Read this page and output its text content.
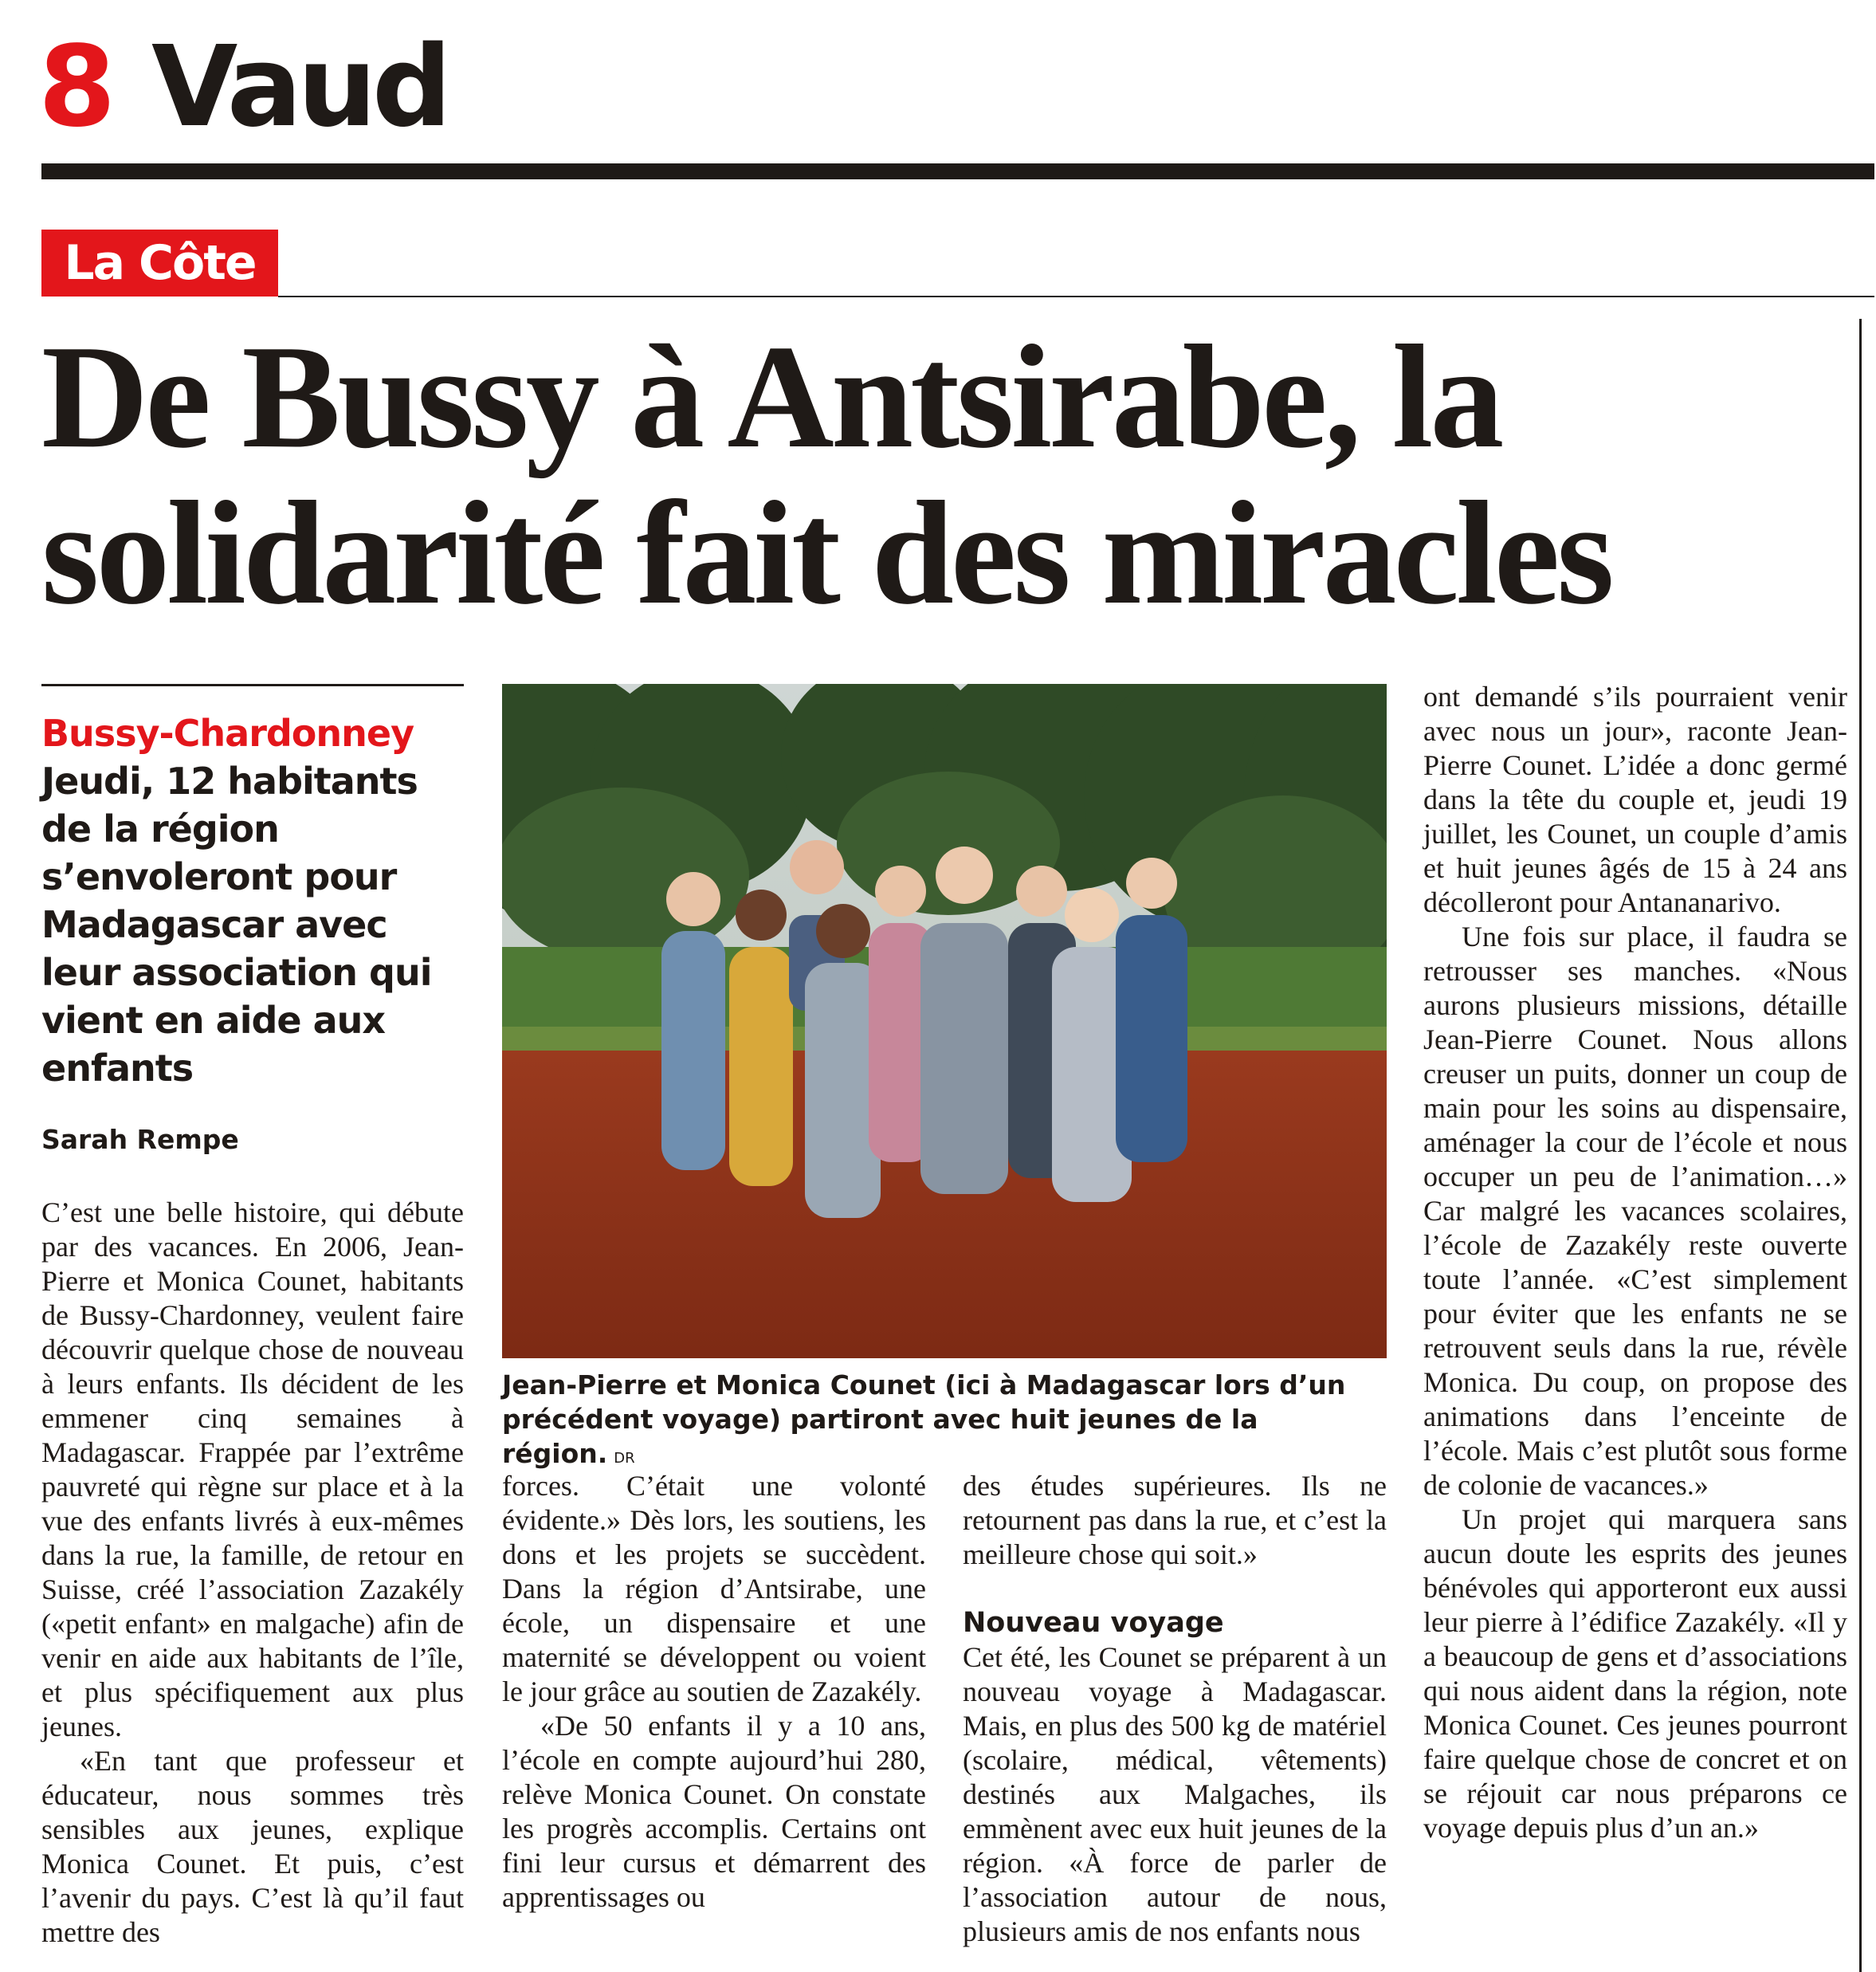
8 Vaud
La Côte
De Bussy à Antsirabe, la solidarité fait des miracles
Bussy-Chardonney

Jeudi, 12 habitants de la région s’envoleront pour Madagascar avec leur association qui vient en aide aux enfants

Sarah Rempe

C’est une belle histoire, qui débute par des vacances. En 2006, Jean-Pierre et Monica Counet, habitants de Bussy-Chardonney, veulent faire découvrir quelque chose de nouveau à leurs enfants. Ils décident de les emmener cinq semaines à Madagascar. Frappée par l’extrême pauvreté qui règne sur place et à la vue des enfants livrés à eux-mêmes dans la rue, la famille, de retour en Suisse, créé l’association Zazakély («petit enfant» en malgache) afin de venir en aide aux habitants de l’île, et plus spécifiquement aux plus jeunes.

«En tant que professeur et éducateur, nous sommes très sensibles aux jeunes, explique Monica Counet. Et puis, c’est l’avenir du pays. C’est là qu’il faut mettre des

Jean-Pierre et Monica Counet (ici à Madagascar lors d’un précédent voyage) partiront avec huit jeunes de la région. DR

forces. C’était une volonté évidente.» Dès lors, les soutiens, les dons et les projets se succèdent. Dans la région d’Antsirabe, une école, un dispensaire et une maternité se développent ou voient le jour grâce au soutien de Zazakély.

«De 50 enfants il y a 10 ans, l’école en compte aujourd’hui 280, relève Monica Counet. On constate les progrès accomplis. Certains ont fini leur cursus et démarrent des apprentissages ou

des études supérieures. Ils ne retournent pas dans la rue, et c’est la meilleure chose qui soit.»

Nouveau voyage

Cet été, les Counet se préparent à un nouveau voyage à Madagascar. Mais, en plus des 500 kg de matériel (scolaire, médical, vêtements) destinés aux Malgaches, ils emmènent avec eux huit jeunes de la région. «À force de parler de l’association autour de nous, plusieurs amis de nos enfants nous

ont demandé s’ils pourraient venir avec nous un jour», raconte Jean-Pierre Counet. L’idée a donc germé dans la tête du couple et, jeudi 19 juillet, les Counet, un couple d’amis et huit jeunes âgés de 15 à 24 ans décolleront pour Antananarivo.

Une fois sur place, il faudra se retrousser ses manches. «Nous aurons plusieurs missions, détaille Jean-Pierre Counet. Nous allons creuser un puits, donner un coup de main pour les soins au dispensaire, aménager la cour de l’école et nous occuper un peu de l’animation…» Car malgré les vacances scolaires, l’école de Zazakély reste ouverte toute l’année. «C’est simplement pour éviter que les enfants ne se retrouvent seuls dans la rue, révèle Monica. Du coup, on propose des animations dans l’enceinte de l’école. Mais c’est plutôt sous forme de colonie de vacances.»

Un projet qui marquera sans aucun doute les esprits des jeunes bénévoles qui apporteront eux aussi leur pierre à l’édifice Zazakély. «Il y a beaucoup de gens et d’associations qui nous aident dans la région, note Monica Counet. Ces jeunes pourront faire quelque chose de concret et on se réjouit car nous préparons ce voyage depuis plus d’un an.»
